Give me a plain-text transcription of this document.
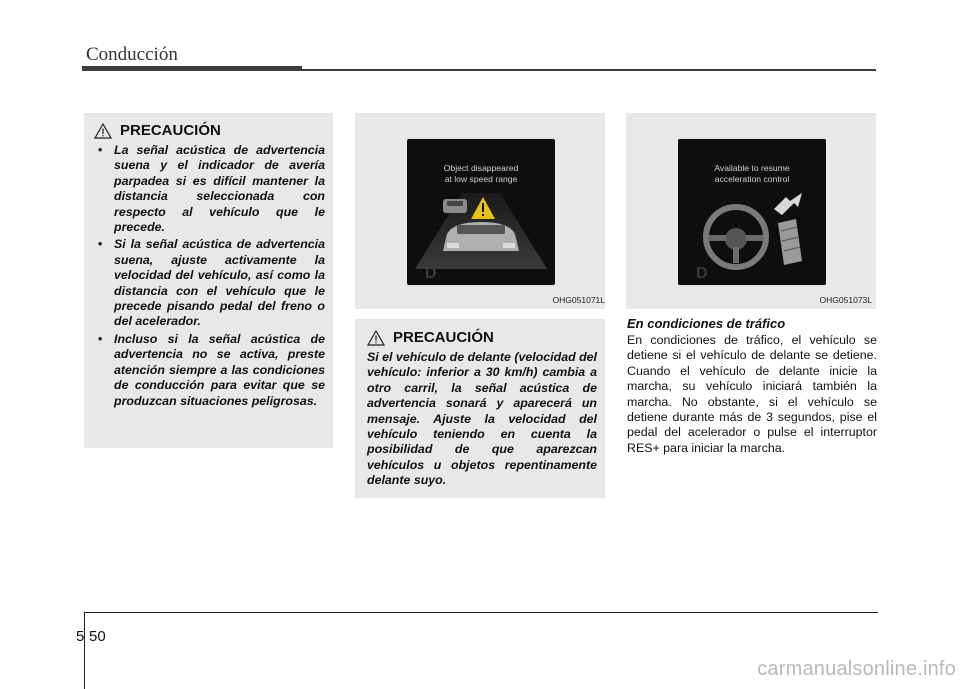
Conducción
PRECAUCIÓN
• La señal acústica de advertencia suena y el indicador de avería parpadea si es difícil mantener la distancia seleccionada con respecto al vehículo que le precede.
• Si la señal acústica de advertencia suena, ajuste activamente la velocidad del vehículo, así como la distancia con el vehículo que le precede pisando pedal del freno o del acelerador.
• Incluso si la señal acústica de advertencia no se activa, preste atención siempre a las condiciones de conducción para evitar que se produzcan situaciones peligrosas.
Object disappeared
at low speed range
D
OHG051071L
Available to resume
acceleration control
D
OHG051073L
PRECAUCIÓN

Si el vehículo de delante (velocidad del vehículo: inferior a 30 km/h) cambia a otro carril, la señal acústica de advertencia sonará y aparecerá un mensaje. Ajuste la velocidad del vehículo teniendo en cuenta la posibilidad de que aparezcan vehículos u objetos repentinamente delante suyo.

En condiciones de tráfico

En condiciones de tráfico, el vehículo se detiene si el vehículo de delante se detiene. Cuando el vehículo de delante inicie la marcha, su vehículo iniciará también la marcha. No obstante, si el vehículo se detiene durante más de 3 segundos, pise el pedal del acelerador o pulse el interruptor RES+ para iniciar la marcha.

5 50
carmanualsonline.info
